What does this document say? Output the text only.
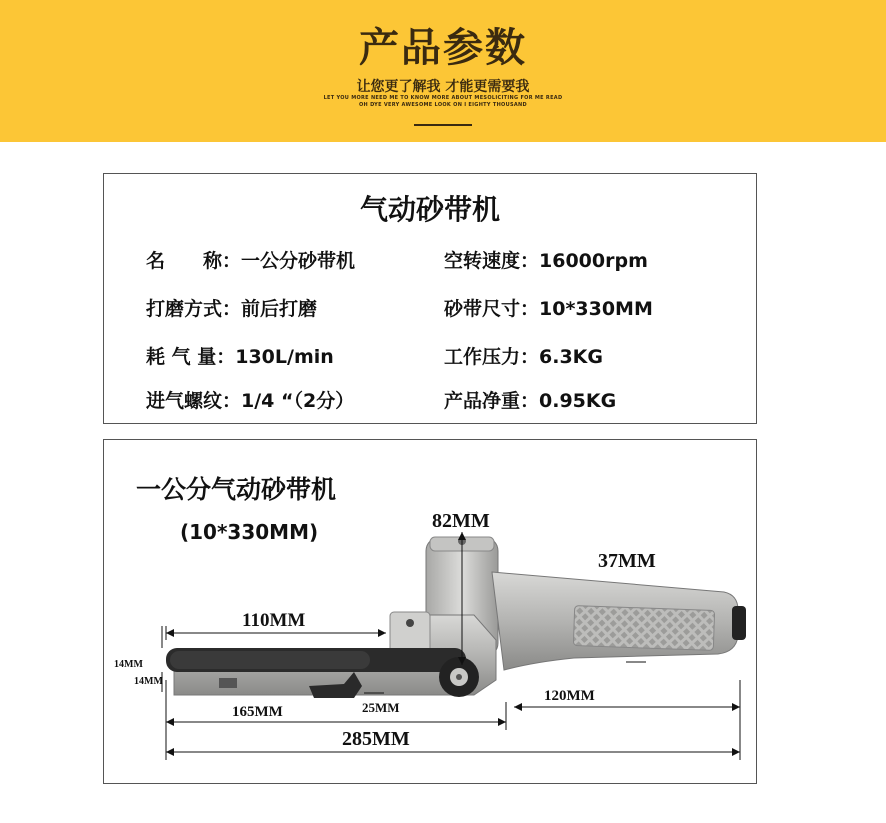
产品参数
让您更了解我 才能更需要我
LET YOU MORE NEED ME TO KNOW MORE ABOUT MESOLICITING FOR ME READ
OH DYE VERY AWESOME LOOK ON I EIGHTY THOUSAND
气动砂带机
名　　称：一公分砂带机	空转速度：16000rpm
打磨方式：前后打磨	砂带尺寸：10*330MM
耗 气 量：130L/min	工作压力：6.3KG
进气螺纹：1/4 “（2分）	产品净重：0.95KG
一公分气动砂带机
(10*330MM)	82MM
37MM
110MM
14MM
14MM
165MM	25MM
120MM
285MM
